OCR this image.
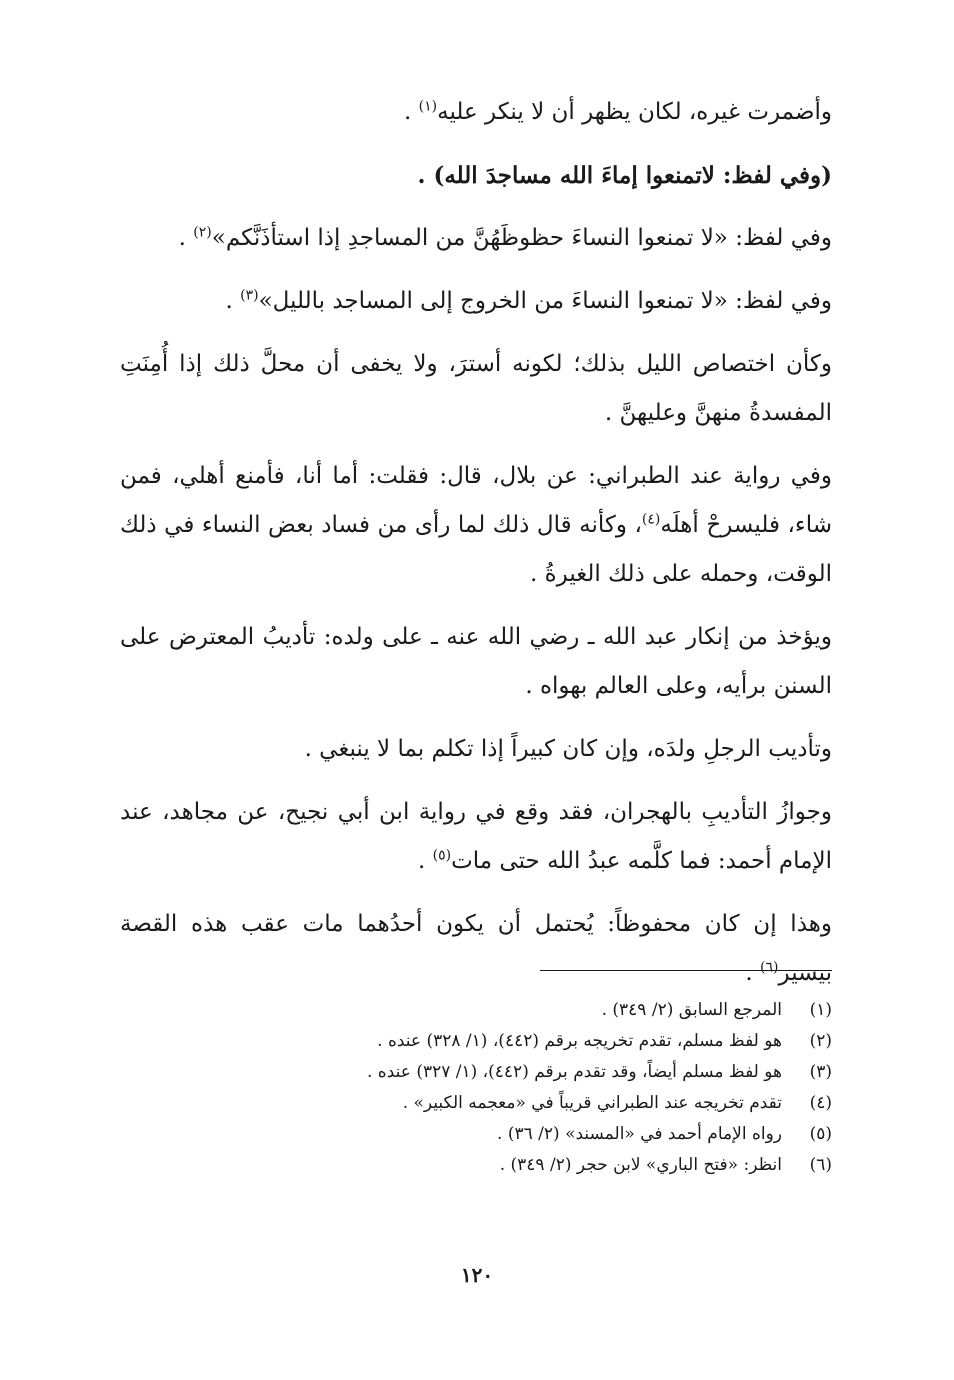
وأضمرت غيره، لكان يظهر أن لا ينكر عليه$^{(١)}$ .

(وفي لفظ: لاتمنعوا إماءَ الله مساجدَ الله) .

وفي لفظ: «لا تمنعوا النساءَ حظوظَهُنَّ من المساجدِ إذا استأذَنَّكم»$^{(٢)}$ .

وفي لفظ: «لا تمنعوا النساءَ من الخروج إلى المساجد بالليل»$^{(٣)}$ .

وكأن اختصاص الليل بذلك؛ لكونه أسترَ، ولا يخفى أن محلَّ ذلك إذا أُمِنَتِ المفسدةُ منهنَّ وعليهنَّ .

وفي رواية عند الطبراني: عن بلال، قال: فقلت: أما أنا، فأمنع أهلي، فمن شاء، فليسرحْ أهلَه$^{(٤)}$، وكأنه قال ذلك لما رأى من فساد بعض النساء في ذلك الوقت، وحمله على ذلك الغيرةُ .

ويؤخذ من إنكار عبد الله ـ رضي الله عنه ـ على ولده: تأديبُ المعترض على السنن برأيه، وعلى العالم بهواه .

وتأديب الرجلِ ولدَه، وإن كان كبيراً إذا تكلم بما لا ينبغي .

وجوازُ التأديبِ بالهجران، فقد وقع في رواية ابن أبي نجيح، عن مجاهد، عند الإمام أحمد: فما كلَّمه عبدُ الله حتى مات$^{(٥)}$ .

وهذا إن كان محفوظاً: يُحتمل أن يكون أحدُهما مات عقب هذه القصة بيسير$^{(٦)}$ .

(١)
المرجع السابق (٢/ ٣٤٩) .
(٢)
هو لفظ مسلم، تقدم تخريجه برقم (٤٤٢)، (١/ ٣٢٨) عنده .
(٣)
هو لفظ مسلم أيضاً، وقد تقدم برقم (٤٤٢)، (١/ ٣٢٧) عنده .
(٤)
تقدم تخريجه عند الطبراني قريباً في «معجمه الكبير» .
(٥)
رواه الإمام أحمد في «المسند» (٢/ ٣٦) .
(٦)
انظر: «فتح الباري» لابن حجر (٢/ ٣٤٩) .
١٢٠
